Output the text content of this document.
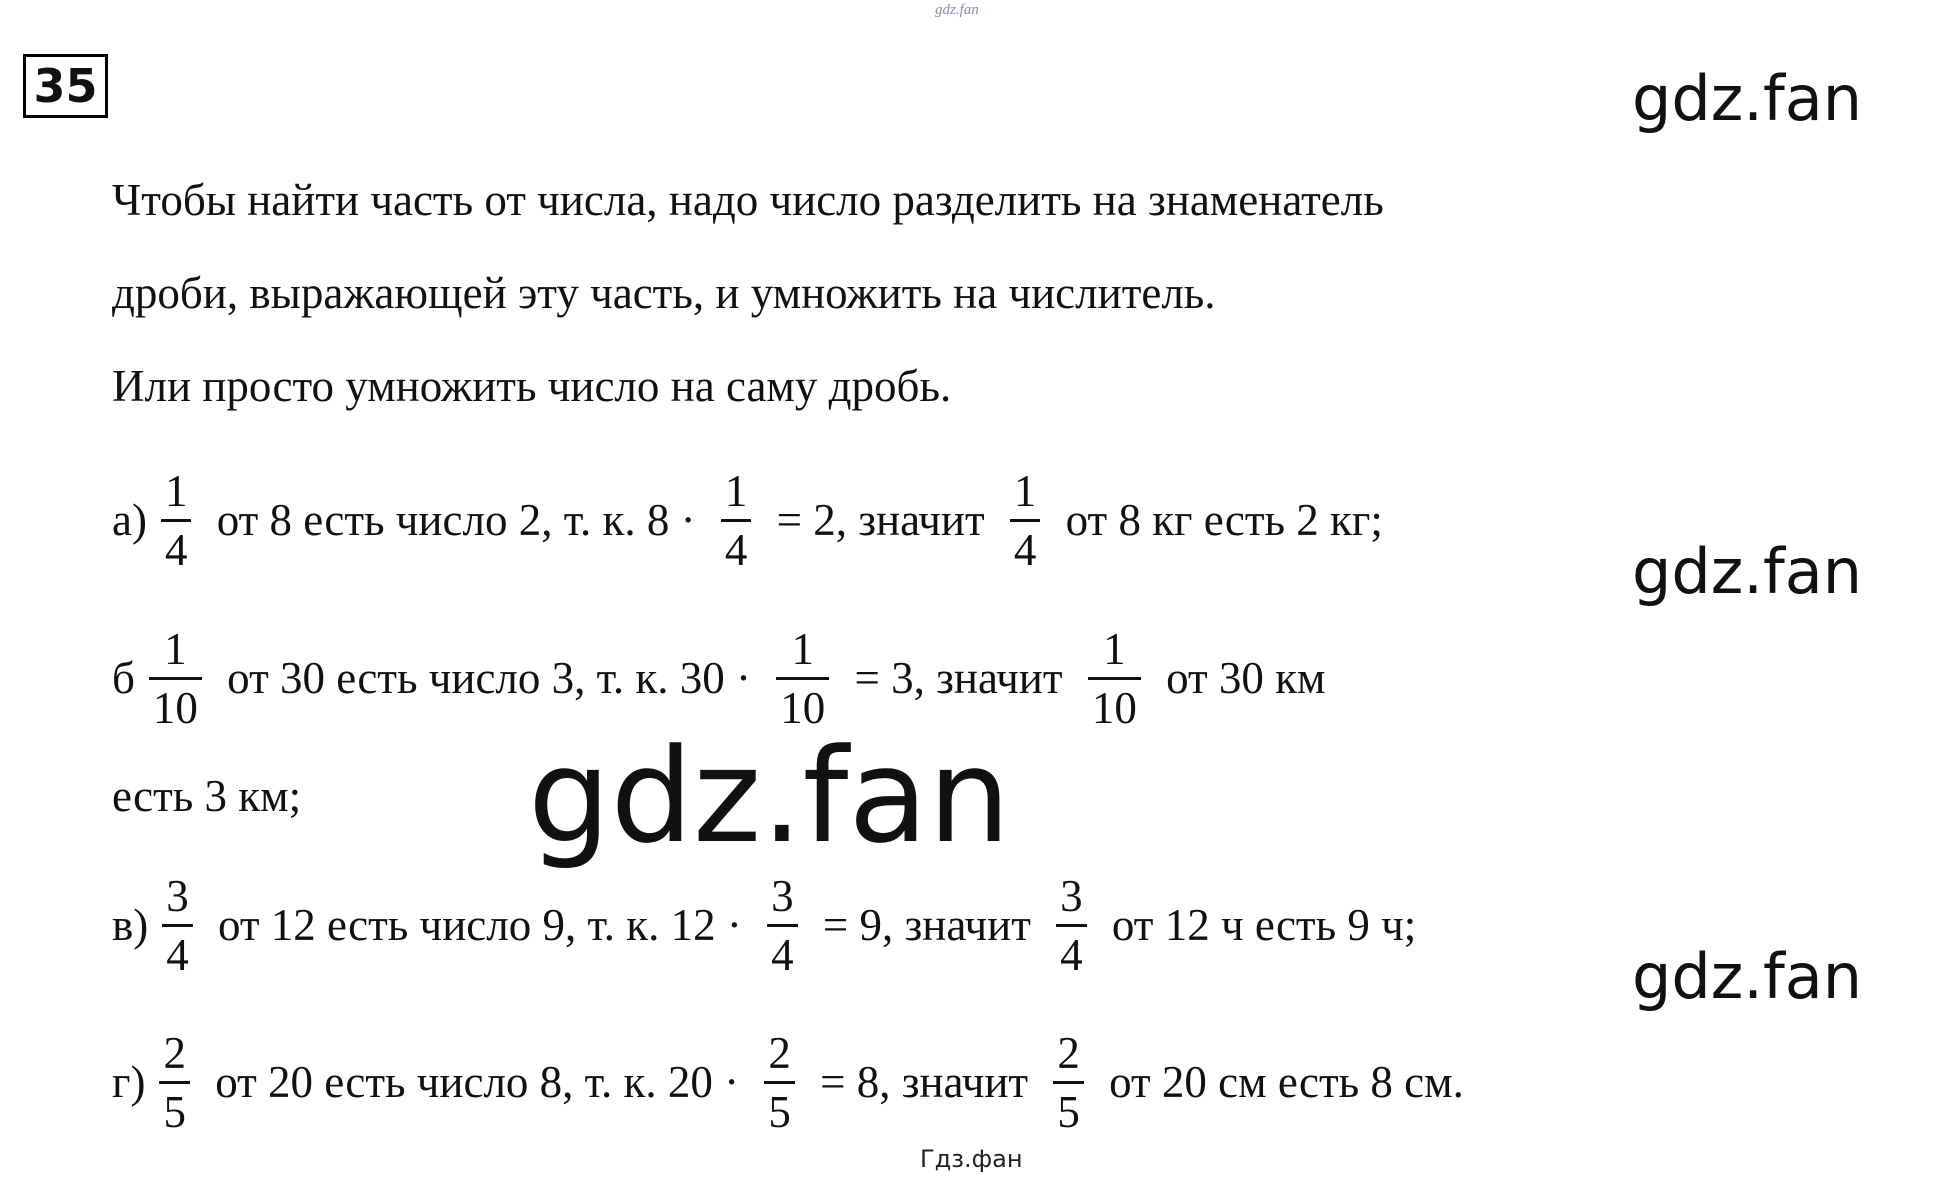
gdz.fan
35	gdz.fan
Чтобы найти часть от числа, надо число разделить на знаменатель
дроби, выражающей эту часть, и умножить на числитель.
Или просто умножить число на саму дробь.
$а) \frac{1}{4}$ от 8 есть число 2, т. к. $8 \cdot \frac{1}{4} = 2$, значит $\frac{1}{4}$ от 8 кг есть 2 кг;
gdz.fan
б $\frac{1}{10}$ от 30 есть число 3, т. к. $30 \cdot \frac{1}{10} = 3$, значит $\frac{1}{10}$ от 30 км
есть 3 км; gdz.fan
$в) \frac{3}{4}$ от 12 есть число 9, т. к. $12 \cdot \frac{3}{4} = 9$, значит $\frac{3}{4}$ от 12 ч есть 9 ч;
gdz.fan
$г) \frac{2}{5}$ от 20 есть число 8, т. к. $20 \cdot \frac{2}{5} = 8$, значит $\frac{2}{5}$ от 20 см есть 8 см.
Гдз.фан
